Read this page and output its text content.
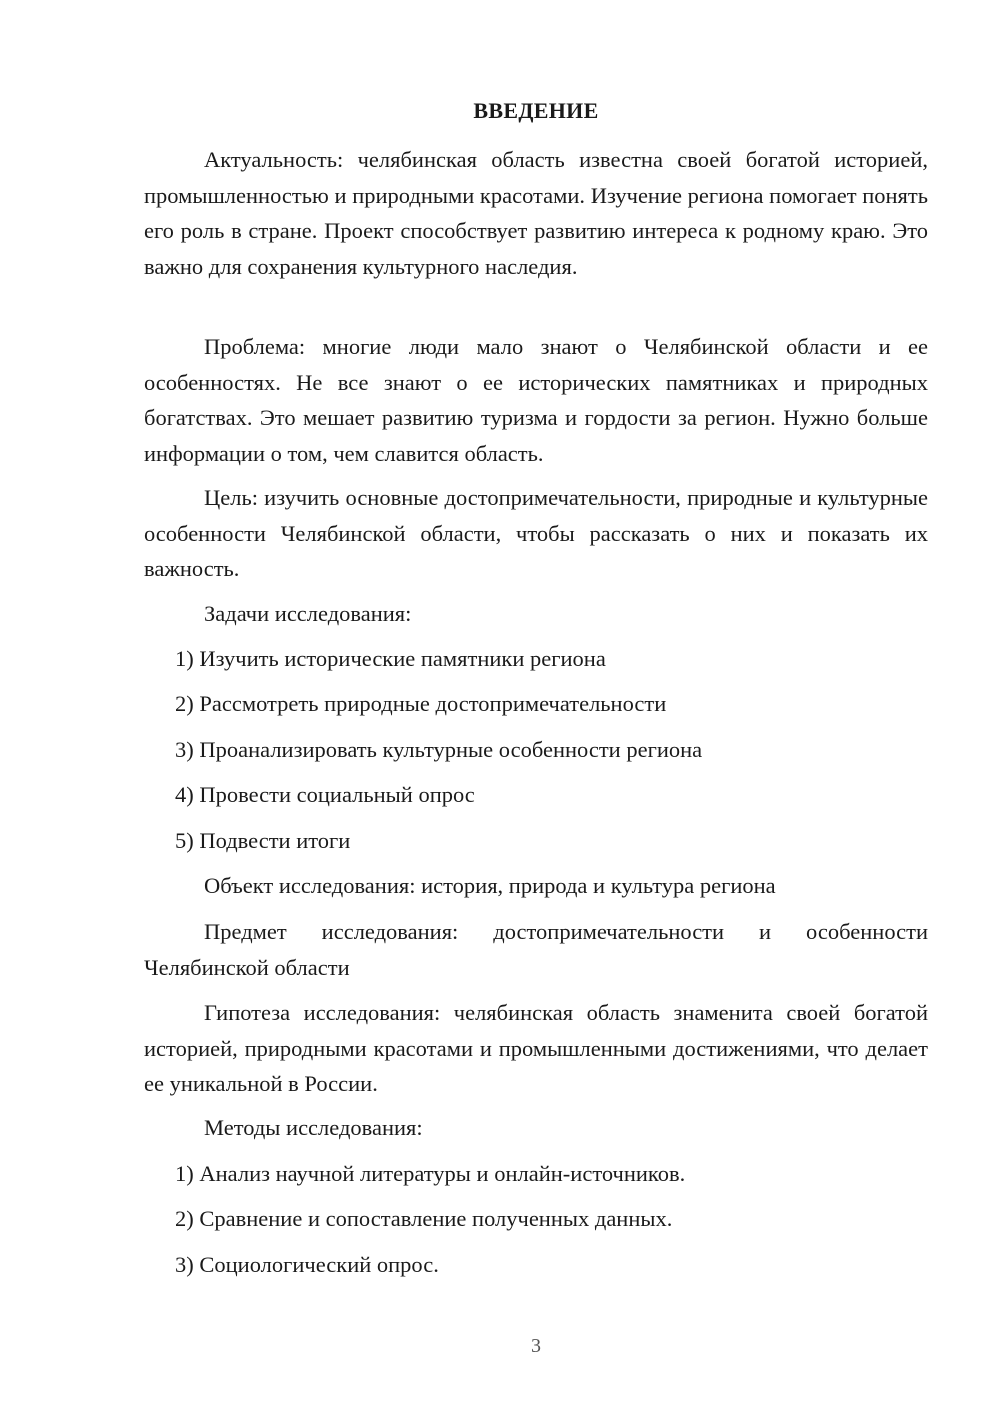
ВВЕДЕНИЕ

Актуальность: челябинская область известна своей богатой историей, промышленностью и природными красотами. Изучение региона помогает понять его роль в стране. Проект способствует развитию интереса к родному краю. Это важно для сохранения культурного наследия.

Проблема: многие люди мало знают о Челябинской области и ее особенностях. Не все знают о ее исторических памятниках и природных богатствах. Это мешает развитию туризма и гордости за регион. Нужно больше информации о том, чем славится область.

Цель: изучить основные достопримечательности, природные и культурные особенности Челябинской области, чтобы рассказать о них и показать их важность.

Задачи исследования:
1) Изучить исторические памятники региона
2) Рассмотреть природные достопримечательности
3) Проанализировать культурные особенности региона
4) Провести социальный опрос
5) Подвести итоги
Объект исследования: история, природа и культура региона

Предмет исследования: достопримечательности и особенности Челябинской области

Гипотеза исследования: челябинская область знаменита своей богатой историей, природными красотами и промышленными достижениями, что делает ее уникальной в России.

Методы исследования:
1) Анализ научной литературы и онлайн-источников.
2) Сравнение и сопоставление полученных данных.
3) Социологический опрос.
3
